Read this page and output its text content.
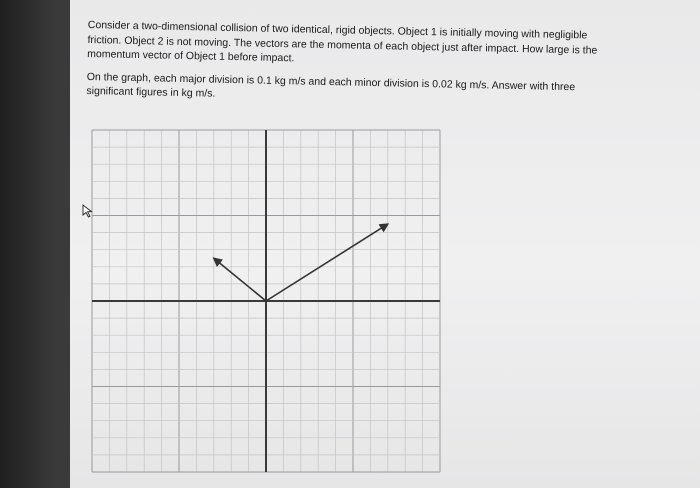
Consider a two-dimensional collision of two identical, rigid objects. Object 1 is initially moving with negligible friction. Object 2 is not moving. The vectors are the momenta of each object just after impact. How large is the momentum vector of Object 1 before impact.

On the graph, each major division is 0.1 kg m/s and each minor division is 0.02 kg m/s. Answer with three significant figures in kg m/s.
